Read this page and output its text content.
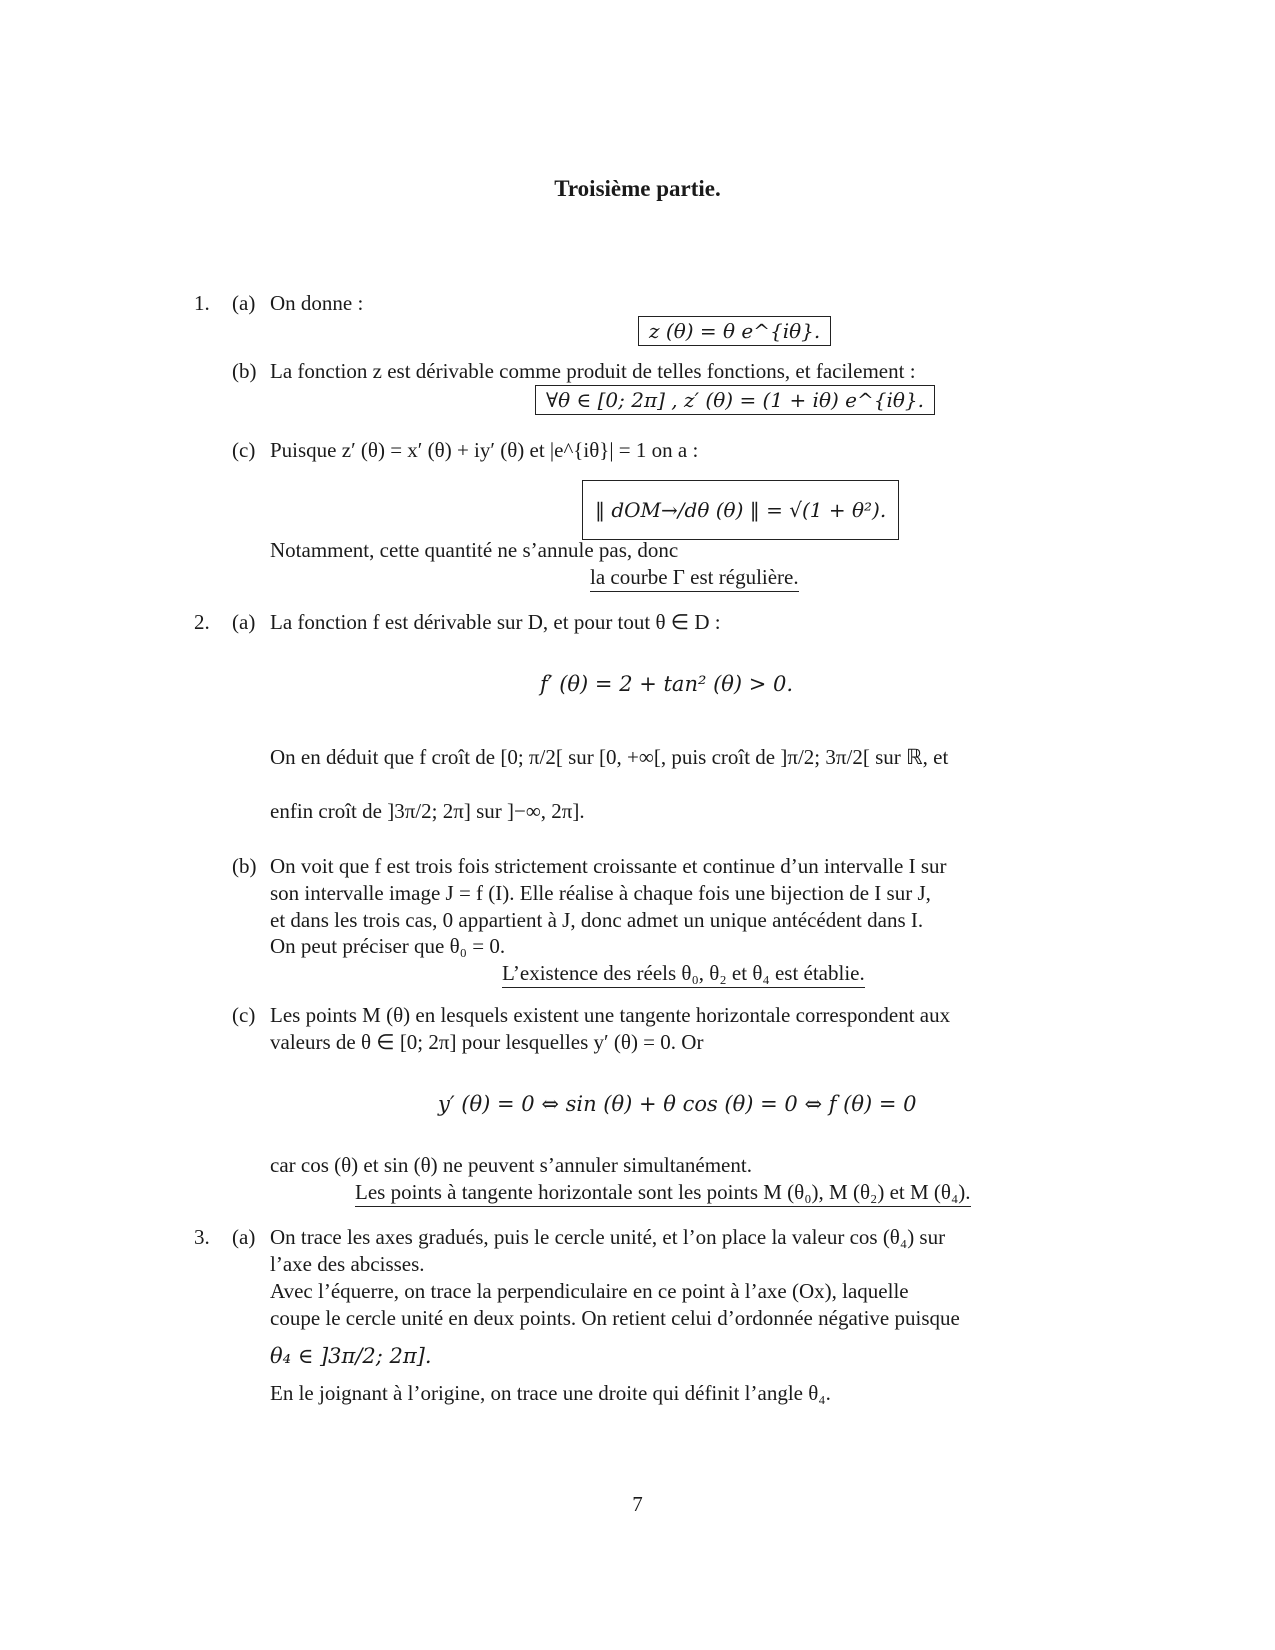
Troisième partie.
1. (a) On donne :
z (θ) = θ e^{iθ}.
(b) La fonction z est dérivable comme produit de telles fonctions, et facilement :
∀θ ∈ [0; 2π] , z′ (θ) = (1 + iθ) e^{iθ}.
(c) Puisque z′ (θ) = x′ (θ) + iy′ (θ) et |e^{iθ}| = 1 on a :
‖ dOM→/dθ (θ) ‖ = √(1 + θ²).
Notamment, cette quantité ne s’annule pas, donc
la courbe Γ est régulière.
2. (a) La fonction f est dérivable sur D, et pour tout θ ∈ D :
f′ (θ) = 2 + tan² (θ) > 0.
On en déduit que f croît de [0; π/2[ sur [0, +∞[, puis croît de ]π/2; 3π/2[ sur ℝ, et
enfin croît de ]3π/2; 2π] sur ]−∞, 2π].
(b) On voit que f est trois fois strictement croissante et continue d’un intervalle I sur
son intervalle image J = f (I). Elle réalise à chaque fois une bijection de I sur J,
et dans les trois cas, 0 appartient à J, donc admet un unique antécédent dans I.
On peut préciser que θ₀ = 0.
L’existence des réels θ₀, θ₂ et θ₄ est établie.
(c) Les points M (θ) en lesquels existent une tangente horizontale correspondent aux
valeurs de θ ∈ [0; 2π] pour lesquelles y′ (θ) = 0. Or
y′ (θ) = 0 ⇔ sin (θ) + θ cos (θ) = 0 ⇔ f (θ) = 0
car cos (θ) et sin (θ) ne peuvent s’annuler simultanément.
Les points à tangente horizontale sont les points M (θ₀), M (θ₂) et M (θ₄).
3. (a) On trace les axes gradués, puis le cercle unité, et l’on place la valeur cos (θ₄) sur
l’axe des abcisses.
Avec l’équerre, on trace la perpendiculaire en ce point à l’axe (Ox), laquelle
coupe le cercle unité en deux points. On retient celui d’ordonnée négative puisque
θ₄ ∈ ]3π/2; 2π].
En le joignant à l’origine, on trace une droite qui définit l’angle θ₄.
7
